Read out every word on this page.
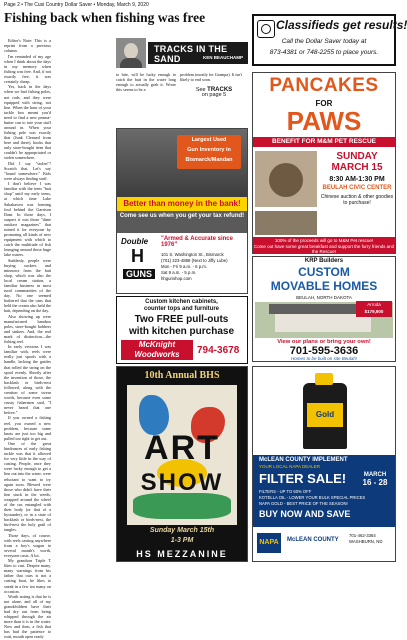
Page 2 • The Cusi Country Dollar Saver • Monday, March 9, 2020
Fishing back when fishing was free
TRACKS IN THE SAND	KEN BEAUCHAMP

Editor's Note: This is a reprint from a previous column.

I'm reminded of my age when I think about the days in my memory when fishing was free. And, if not exactly free, it was certainly cheap.

Yes, back in the days when we had fishing poles, not rods, and they were equipped with string, not line. When the base of your tackle box meant you'd need to find a new peanut-butter can to tote your stuff around in. When your fishing pole was exactly that (Junk Cleaned from here and there), hooks that only store-bought item that couldn't be appropriated or stolen somewhere.

Did I say "stolen"? Scratch that. Let's say "found somewhere." Kids were always finding stuff.

I don't believe I was familiar with the term "bait shop" until my early teens, at which time Lake Sakakawea was forming foul behind the Garrison Dam. In those days, I suspect it was those "dime outdoor magazines" that ruined it for everyone by promoting all kinds of new equipment with which to catch the multitude of fish lounging around those huge lake waters.

Suddenly, people were buying suckers and minnows from the bait shop, which was also the local cream station, a familiar business in most rural communities of the day. No one seemed bothered that the cans that held the cream also held the bait, depending on the day.

Also showing up were manufactured bamboo poles, store-bought bobbers and sinkers. And, the real mark of distinction—the fishing reel.

In early versions I was familiar with, reels were really just spools with a handle, lacking the guides that rolled the string on the spool evenly. Shortly after the invention of those, the backlash or birds-nest followed, along with the creation of some swear words, because even some crusty fishermen said, "I never heard that one before."

If you owned a fishing reel, you owned a new problem, because some knots are just too big and pulled too tight to get out.

One of the great hindrances of early fishing tackle was that it allowed for very little in the way of casting. People, once they were lucky enough to get a line out into the water, were reluctant to want to try again soon. Blessed were those who didn't have their line stuck in the weeds, wrapped around the wheel of the car, entangled with their body (or that of a bystander), or in a state of backlash or birds-nest, the bird-nest the holy grail of tangles.

Those days, of course, with reels casting anywhere from a boy's wagon to several month's worth, everyone casts. A lot.

My grandson Triple T likes to cast. Despite many, many warnings from his father that ours is not a casting boat, he likes to sneak in a few too many on occasion.

Worth noting is that he is not alone, and all of my grandchildren have their bad dry out from being whipped through the air more than it is in the water. Now and then, a fish that has had the patience to wait, mouth open ready

to bite, will be lucky enough to catch the bait in the water long enough to actually grab it. Wrote this seems to be a
problem (mostly for Grampa). It isn't likely to end soon.
See TRACKS
on page 5
Classifieds get results!
Call the Dollar Saver today at
873-4381 or 748-2255 to place yours.
PANCAKES
FOR
PAWS
BENEFIT FOR M&M PET RESCUE
SUNDAY
MARCH 15
8:30 AM-1:30 PM
BEULAH CIVIC CENTER
Chinese auction & other goodies to purchase!
100% of the proceeds will go to M&M Pet rescue!
Come out have some great breakfast and support the furry friends and the Rescue!
Largest Used
Gun Inventory in
Bismarck/Mandan
Better than money in the bank!
Come see us when you get your tax refund!
Double
H
GUNS
"Armed & Accurate since 1976"
101 S. Washington St., Bismarck
(701) 223-4888 (Next to Jiffy Lube)
Mon - Fri 9 a.m. - 6 p.m.
Sat 9 a.m. - 5 p.m.
hhgunshop.com
KRP Builders
CUSTOM
MOVABLE HOMES
BEULAH, NORTH DAKOTA
Arroda
$179,900
View our plans or bring your own!
701-595-3636
Homes to be built on site Beulah!
Custom kitchen cabinets,
counter tops and furniture
Two FREE pull-outs
with kitchen purchase
McKnight
Woodworks	794-3678
10th Annual BHS
ART
SHOW
Sunday March 15th
1-3 PM
HS MEZZANINE
Gold
McLEAN COUNTY IMPLEMENT
YOUR LOCAL NAPA DEALER
FILTER SALE!	MARCH
16 - 28
FILTERS - UP TO 60% OFF
KOTELLA OIL - LOWER YOUR BULK SPECIAL PRICES
NAPA GOLD - BEST PRICE OF THE SEASON!
BUY NOW AND SAVE
NAPA	McLEAN COUNTY
701-462-3364
WASHBURN, ND
